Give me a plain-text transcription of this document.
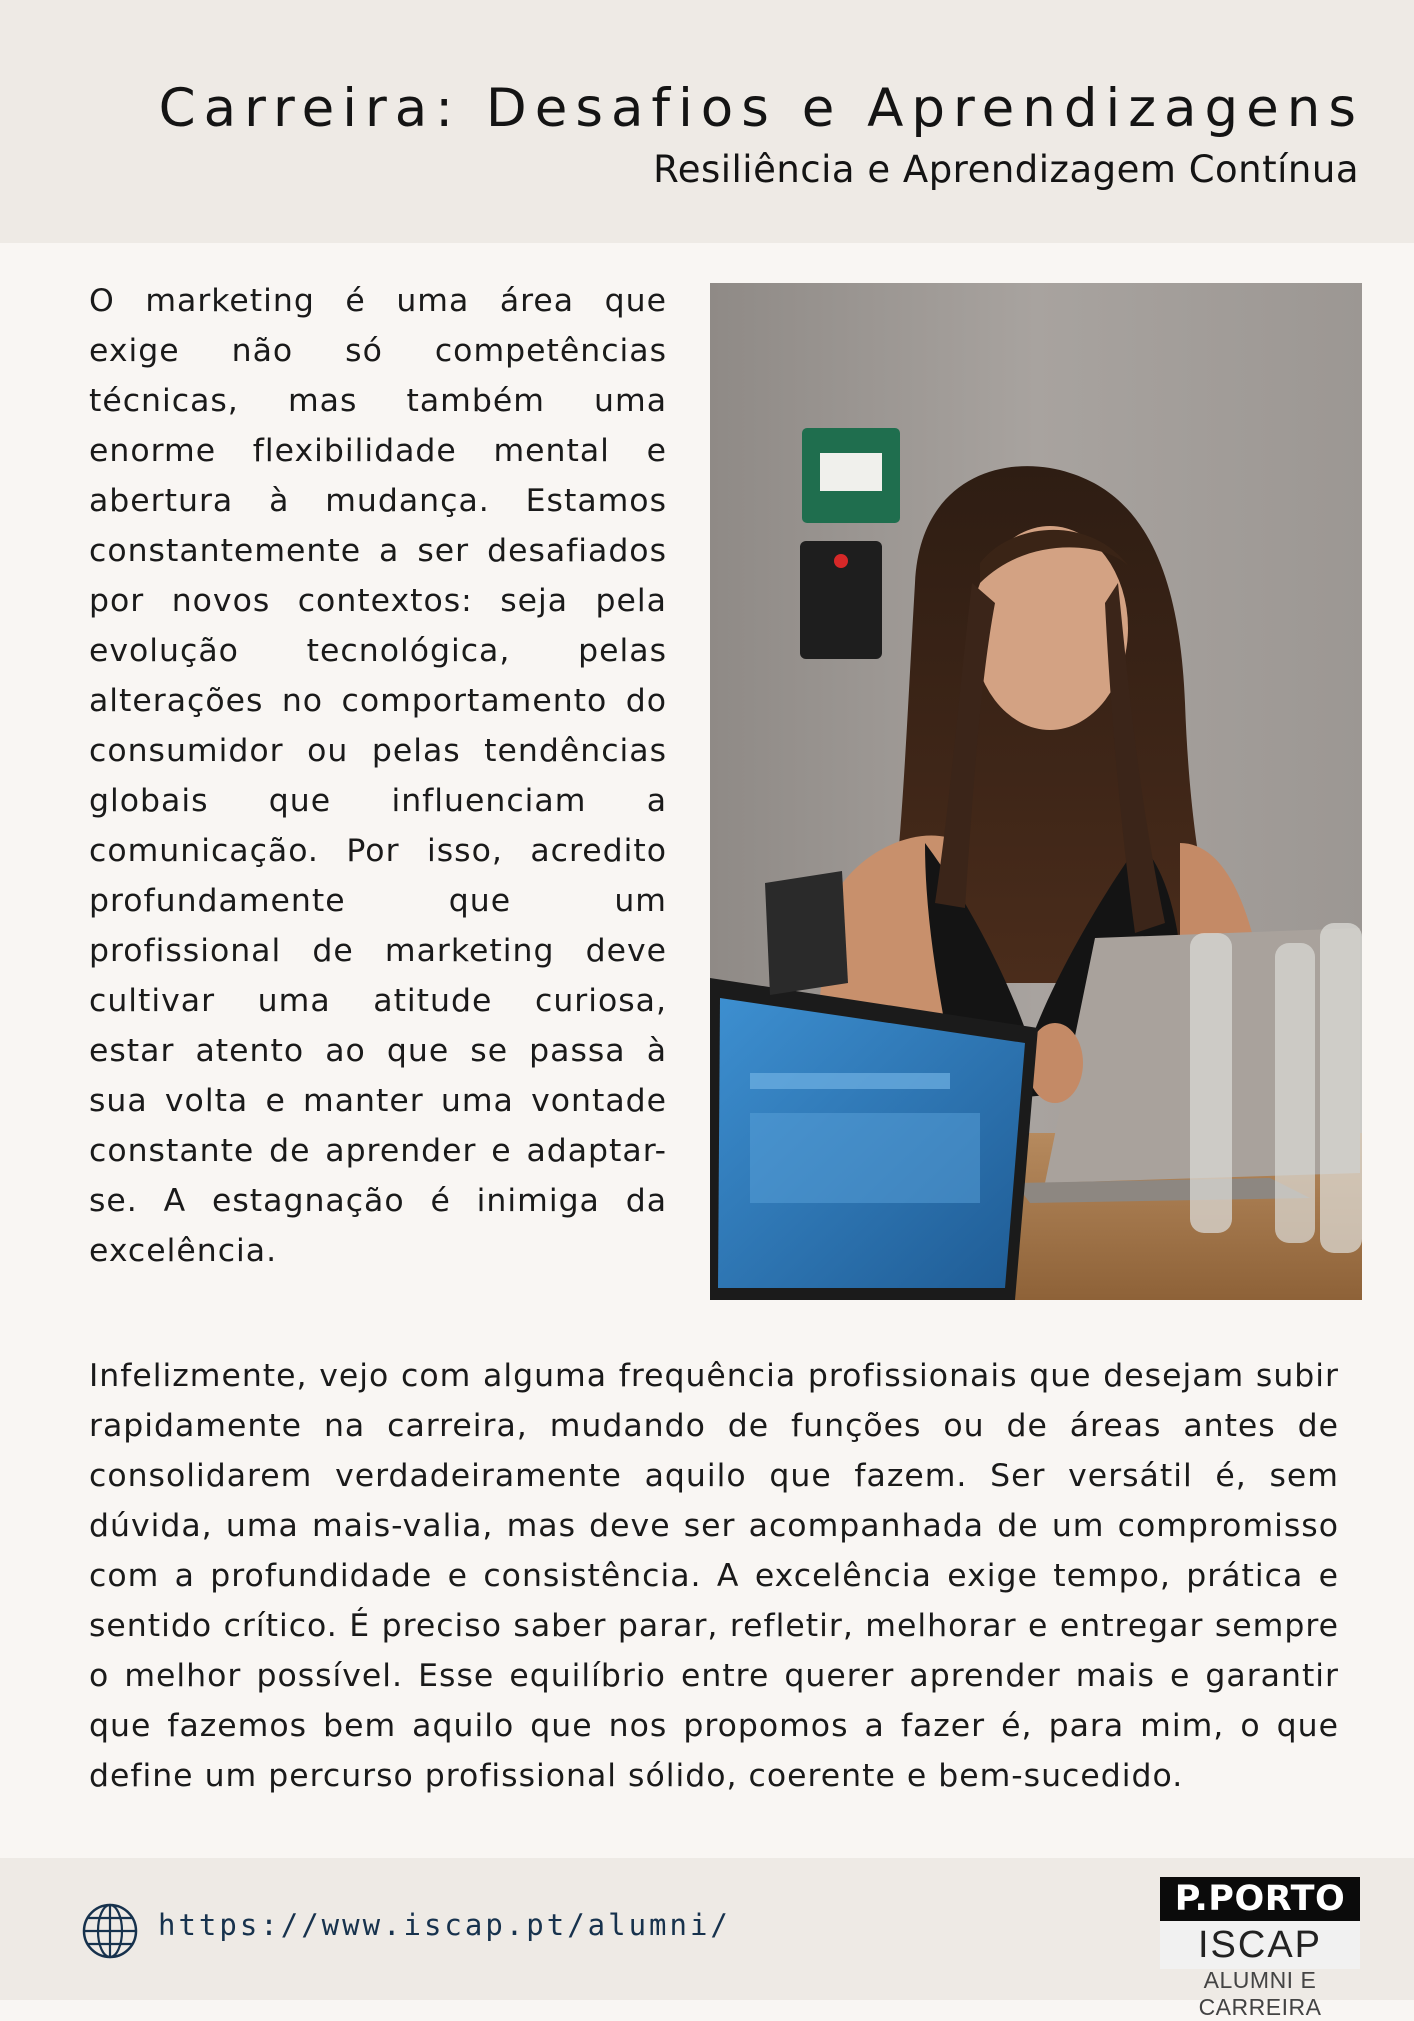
Carreira: Desafios e Aprendizagens
Resiliência e Aprendizagem Contínua

O marketing é uma área que exige não só competências técnicas, mas também uma enorme flexibilidade mental e abertura à mudança. Estamos constantemente a ser desafiados por novos contextos: seja pela evolução tecnológica, pelas alterações no comportamento do consumidor ou pelas tendências globais que influenciam a comunicação. Por isso, acredito profundamente que um profissional de marketing deve cultivar uma atitude curiosa, estar atento ao que se passa à sua volta e manter uma vontade constante de aprender e adaptar-se. A estagnação é inimiga da excelência.

Infelizmente, vejo com alguma frequência profissionais que desejam subir rapidamente na carreira, mudando de funções ou de áreas antes de consolidarem verdadeiramente aquilo que fazem. Ser versátil é, sem dúvida, uma mais-valia, mas deve ser acompanhada de um compromisso com a profundidade e consistência. A excelência exige tempo, prática e sentido crítico. É preciso saber parar, refletir, melhorar e entregar sempre o melhor possível. Esse equilíbrio entre querer aprender mais e garantir que fazemos bem aquilo que nos propomos a fazer é, para mim, o que define um percurso profissional sólido, coerente e bem-sucedido.

https://www.iscap.pt/alumni/
P.PORTO
ISCAP
ALUMNI E CARREIRA
